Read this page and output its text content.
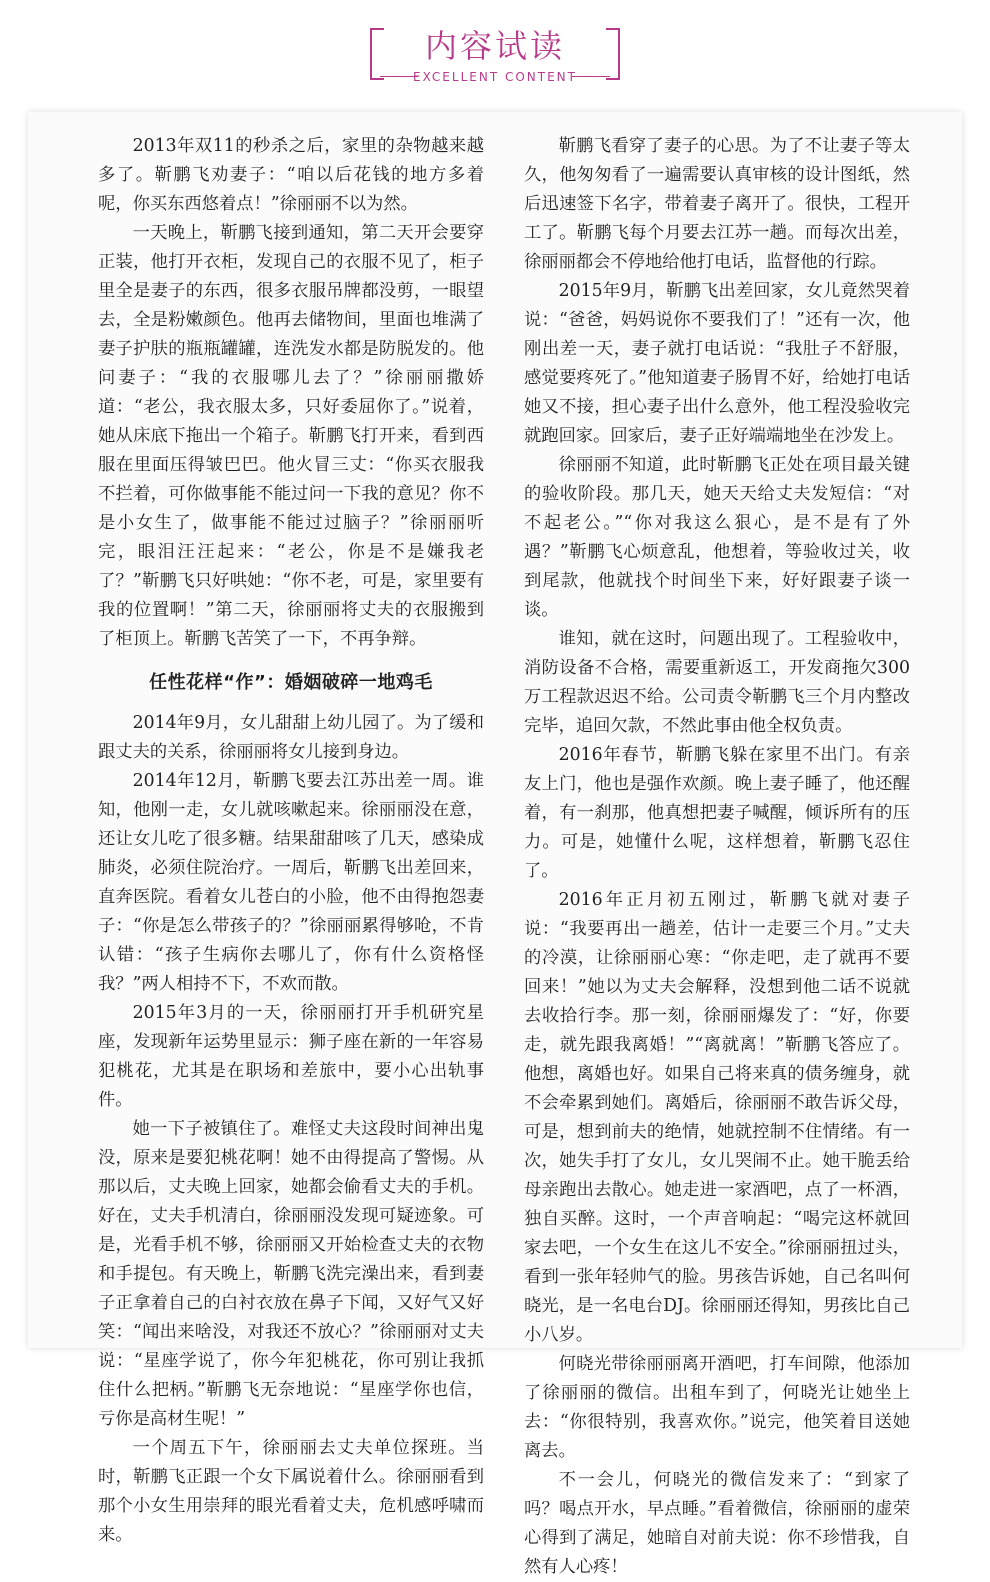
内容试读
EXCELLENT CONTENT

2013年双11的秒杀之后，家里的杂物越来越多了。靳鹏飞劝妻子：“咱以后花钱的地方多着呢，你买东西悠着点！”徐丽丽不以为然。

一天晚上，靳鹏飞接到通知，第二天开会要穿正装，他打开衣柜，发现自己的衣服不见了，柜子里全是妻子的东西，很多衣服吊牌都没剪，一眼望去，全是粉嫩颜色。他再去储物间，里面也堆满了妻子护肤的瓶瓶罐罐，连洗发水都是防脱发的。他问妻子：“我的衣服哪儿去了？”徐丽丽撒娇道：“老公，我衣服太多，只好委屈你了。”说着，她从床底下拖出一个箱子。靳鹏飞打开来，看到西服在里面压得皱巴巴。他火冒三丈：“你买衣服我不拦着，可你做事能不能过问一下我的意见？你不是小女生了，做事能不能过过脑子？”徐丽丽听完，眼泪汪汪起来：“老公，你是不是嫌我老了？”靳鹏飞只好哄她：“你不老，可是，家里要有我的位置啊！”第二天，徐丽丽将丈夫的衣服搬到了柜顶上。靳鹏飞苦笑了一下，不再争辩。

任性花样“作”：婚姻破碎一地鸡毛

2014年9月，女儿甜甜上幼儿园了。为了缓和跟丈夫的关系，徐丽丽将女儿接到身边。

2014年12月，靳鹏飞要去江苏出差一周。谁知，他刚一走，女儿就咳嗽起来。徐丽丽没在意，还让女儿吃了很多糖。结果甜甜咳了几天，感染成肺炎，必须住院治疗。一周后，靳鹏飞出差回来，直奔医院。看着女儿苍白的小脸，他不由得抱怨妻子：“你是怎么带孩子的？”徐丽丽累得够呛，不肯认错：“孩子生病你去哪儿了，你有什么资格怪我？”两人相持不下，不欢而散。

2015年3月的一天，徐丽丽打开手机研究星座，发现新年运势里显示：狮子座在新的一年容易犯桃花，尤其是在职场和差旅中，要小心出轨事件。

她一下子被镇住了。难怪丈夫这段时间神出鬼没，原来是要犯桃花啊！她不由得提高了警惕。从那以后，丈夫晚上回家，她都会偷看丈夫的手机。好在，丈夫手机清白，徐丽丽没发现可疑迹象。可是，光看手机不够，徐丽丽又开始检查丈夫的衣物和手提包。有天晚上，靳鹏飞洗完澡出来，看到妻子正拿着自己的白衬衣放在鼻子下闻，又好气又好笑：“闻出来啥没，对我还不放心？”徐丽丽对丈夫说：“星座学说了，你今年犯桃花，你可别让我抓住什么把柄。”靳鹏飞无奈地说：“星座学你也信，亏你是高材生呢！”

一个周五下午，徐丽丽去丈夫单位探班。当时，靳鹏飞正跟一个女下属说着什么。徐丽丽看到那个小女生用崇拜的眼光看着丈夫，危机感呼啸而来。

靳鹏飞看穿了妻子的心思。为了不让妻子等太久，他匆匆看了一遍需要认真审核的设计图纸，然后迅速签下名字，带着妻子离开了。很快，工程开工了。靳鹏飞每个月要去江苏一趟。而每次出差，徐丽丽都会不停地给他打电话，监督他的行踪。

2015年9月，靳鹏飞出差回家，女儿竟然哭着说：“爸爸，妈妈说你不要我们了！”还有一次，他刚出差一天，妻子就打电话说：“我肚子不舒服，感觉要疼死了。”他知道妻子肠胃不好，给她打电话她又不接，担心妻子出什么意外，他工程没验收完就跑回家。回家后，妻子正好端端地坐在沙发上。

徐丽丽不知道，此时靳鹏飞正处在项目最关键的验收阶段。那几天，她天天给丈夫发短信：“对不起老公。”“你对我这么狠心，是不是有了外遇？”靳鹏飞心烦意乱，他想着，等验收过关，收到尾款，他就找个时间坐下来，好好跟妻子谈一谈。

谁知，就在这时，问题出现了。工程验收中，消防设备不合格，需要重新返工，开发商拖欠300万工程款迟迟不给。公司责令靳鹏飞三个月内整改完毕，追回欠款，不然此事由他全权负责。

2016年春节，靳鹏飞躲在家里不出门。有亲友上门，他也是强作欢颜。晚上妻子睡了，他还醒着，有一刹那，他真想把妻子喊醒，倾诉所有的压力。可是，她懂什么呢，这样想着，靳鹏飞忍住了。

2016年正月初五刚过，靳鹏飞就对妻子说：“我要再出一趟差，估计一走要三个月。”丈夫的冷漠，让徐丽丽心寒：“你走吧，走了就再不要回来！”她以为丈夫会解释，没想到他二话不说就去收拾行李。那一刻，徐丽丽爆发了：“好，你要走，就先跟我离婚！”“离就离！”靳鹏飞答应了。他想，离婚也好。如果自己将来真的债务缠身，就不会牵累到她们。离婚后，徐丽丽不敢告诉父母，可是，想到前夫的绝情，她就控制不住情绪。有一次，她失手打了女儿，女儿哭闹不止。她干脆丢给母亲跑出去散心。她走进一家酒吧，点了一杯酒，独自买醉。这时，一个声音响起：“喝完这杯就回家去吧，一个女生在这儿不安全。”徐丽丽扭过头，看到一张年轻帅气的脸。男孩告诉她，自己名叫何晓光，是一名电台DJ。徐丽丽还得知，男孩比自己小八岁。

何晓光带徐丽丽离开酒吧，打车间隙，他添加了徐丽丽的微信。出租车到了，何晓光让她坐上去：“你很特别，我喜欢你。”说完，他笑着目送她离去。

不一会儿，何晓光的微信发来了：“到家了吗？喝点开水，早点睡。”看着微信，徐丽丽的虚荣心得到了满足，她暗自对前夫说：你不珍惜我，自然有人心疼！
